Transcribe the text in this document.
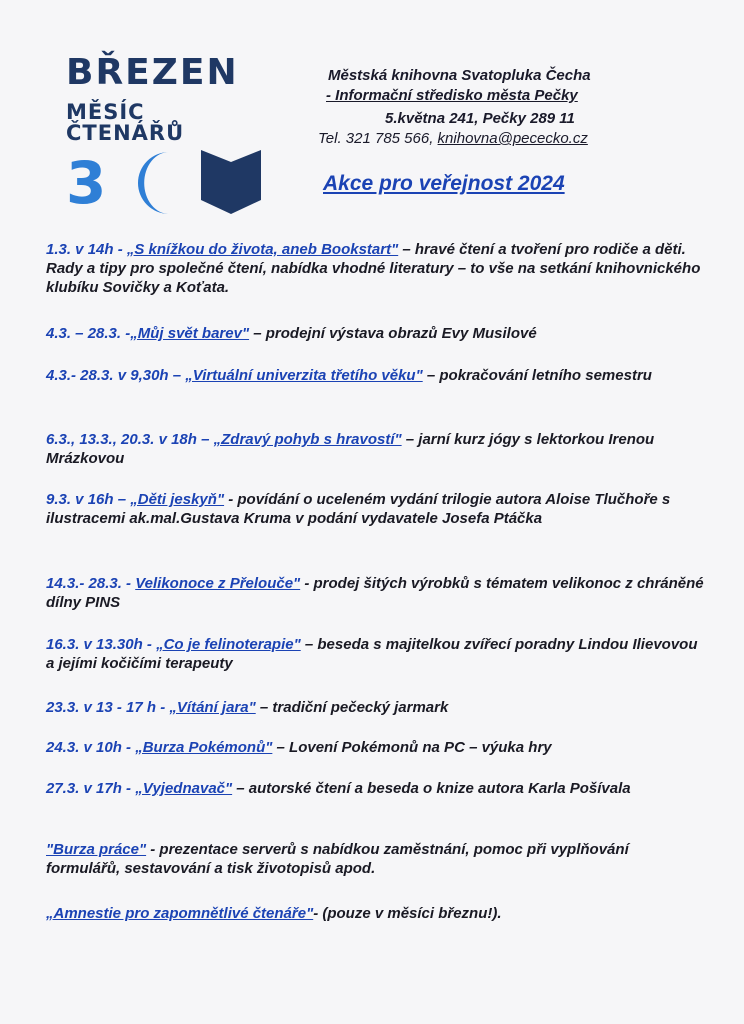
BŘEZEN
MĚSÍC ČTENÁŘŮ
3
Městská knihovna Svatopluka Čecha
- Informační středisko města Pečky
5.května 241, Pečky 289 11
Tel. 321 785 566, knihovna@pececko.cz
Akce pro veřejnost 2024
1.3. v 14h - „S knížkou do života, aneb Bookstart" – hravé čtení a tvoření pro rodiče a děti. Rady a tipy pro společné čtení, nabídka vhodné literatury – to vše na setkání knihovnického klubíku Sovičky a Koťata.
4.3. – 28.3. -„Můj svět barev" – prodejní výstava obrazů Evy Musilové
4.3.- 28.3. v 9,30h – „Virtuální univerzita třetího věku" – pokračování letního semestru
6.3., 13.3., 20.3. v 18h – „Zdravý pohyb s hravostí" – jarní kurz jógy s lektorkou Irenou Mrázkovou
9.3. v 16h – „Děti jeskyň" - povídání o uceleném vydání trilogie autora Aloise Tlučhoře s ilustracemi ak.mal.Gustava Kruma v podání vydavatele Josefa Ptáčka
14.3.- 28.3. - Velikonoce z Přelouče" - prodej šitých výrobků s tématem velikonoc z chráněné dílny PINS
16.3. v 13.30h - „Co je felinoterapie" – beseda s majitelkou zvířecí poradny Lindou Ilievovou a jejími kočičími terapeuty
23.3. v 13 - 17 h - „Vítání jara" – tradiční pečecký jarmark
24.3. v 10h - „Burza Pokémonů" – Lovení Pokémonů na PC – výuka hry
27.3. v 17h - „Vyjednavač" – autorské čtení a beseda o knize autora Karla Pošívala
"Burza práce" - prezentace serverů s nabídkou zaměstnání, pomoc při vyplňování formulářů, sestavování a tisk životopisů apod.
„Amnestie pro zapomnětlivé čtenáře"- (pouze v měsíci březnu!).
